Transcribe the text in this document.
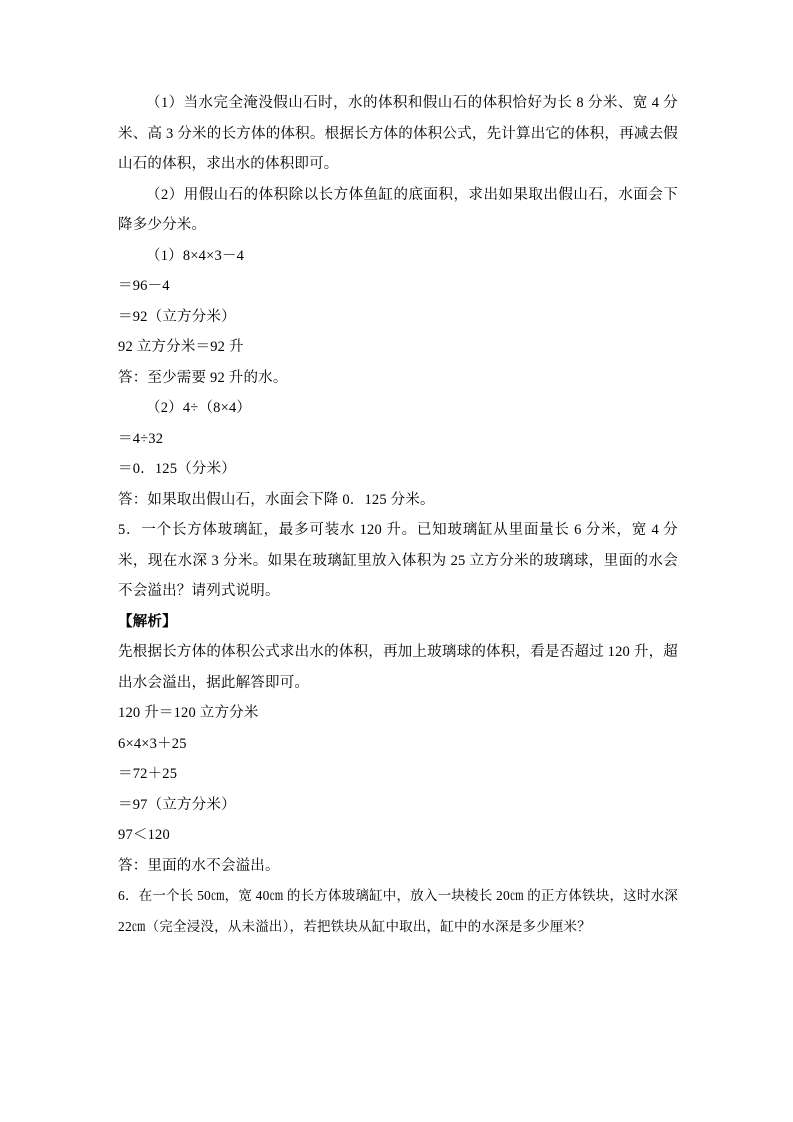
（1）当水完全淹没假山石时，水的体积和假山石的体积恰好为长 8 分米、宽 4 分米、高 3 分米的长方体的体积。根据长方体的体积公式，先计算出它的体积，再减去假山石的体积，求出水的体积即可。

（2）用假山石的体积除以长方体鱼缸的底面积，求出如果取出假山石，水面会下降多少分米。

（1）8×4×3－4

＝96－4

＝92（立方分米）

92 立方分米＝92 升

答：至少需要 92 升的水。

（2）4÷（8×4）

＝4÷32

＝0．125（分米）

答：如果取出假山石，水面会下降 0．125 分米。

5．一个长方体玻璃缸，最多可装水 120 升。已知玻璃缸从里面量长 6 分米，宽 4 分米，现在水深 3 分米。如果在玻璃缸里放入体积为 25 立方分米的玻璃球，里面的水会不会溢出？请列式说明。

【解析】

先根据长方体的体积公式求出水的体积，再加上玻璃球的体积，看是否超过 120 升，超出水会溢出，据此解答即可。

120 升＝120 立方分米

6×4×3＋25

＝72＋25

＝97（立方分米）

97＜120

答：里面的水不会溢出。

6．在一个长 50㎝，宽 40㎝ 的长方体玻璃缸中，放入一块棱长 20㎝ 的正方体铁块，这时水深 22㎝（完全浸没，从未溢出），若把铁块从缸中取出，缸中的水深是多少厘米？
